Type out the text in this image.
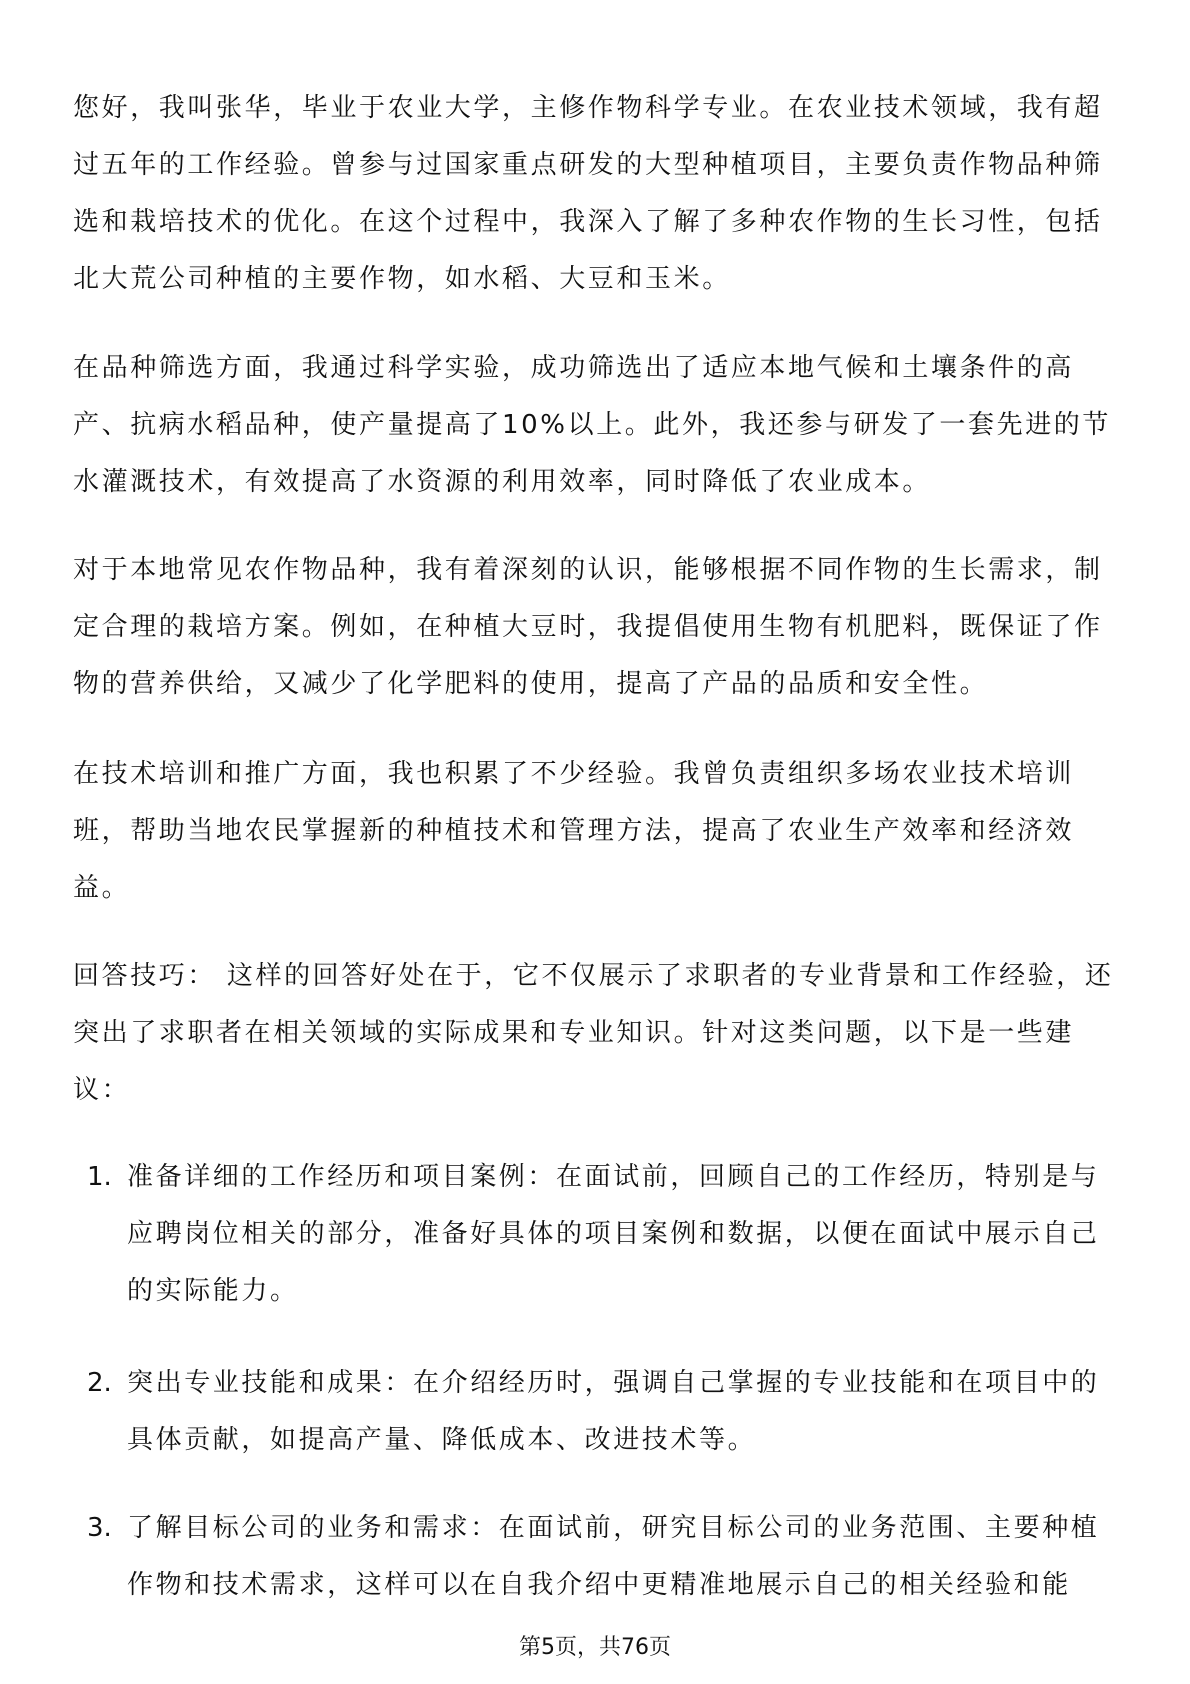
您好，我叫张华，毕业于农业大学，主修作物科学专业。在农业技术领域，我有超
过五年的工作经验。曾参与过国家重点研发的大型种植项目，主要负责作物品种筛
选和栽培技术的优化。在这个过程中，我深入了解了多种农作物的生长习性，包括
北大荒公司种植的主要作物，如水稻、大豆和玉米。
在品种筛选方面，我通过科学实验，成功筛选出了适应本地气候和土壤条件的高
产、抗病水稻品种，使产量提高了10%以上。此外，我还参与研发了一套先进的节
水灌溉技术，有效提高了水资源的利用效率，同时降低了农业成本。
对于本地常见农作物品种，我有着深刻的认识，能够根据不同作物的生长需求，制
定合理的栽培方案。例如，在种植大豆时，我提倡使用生物有机肥料，既保证了作
物的营养供给，又减少了化学肥料的使用，提高了产品的品质和安全性。
在技术培训和推广方面，我也积累了不少经验。我曾负责组织多场农业技术培训
班，帮助当地农民掌握新的种植技术和管理方法，提高了农业生产效率和经济效
益。
回答技巧： 这样的回答好处在于，它不仅展示了求职者的专业背景和工作经验，还
突出了求职者在相关领域的实际成果和专业知识。针对这类问题，以下是一些建
议：
1. 准备详细的工作经历和项目案例：在面试前，回顾自己的工作经历，特别是与
应聘岗位相关的部分，准备好具体的项目案例和数据，以便在面试中展示自己
的实际能力。
2. 突出专业技能和成果：在介绍经历时，强调自己掌握的专业技能和在项目中的
具体贡献，如提高产量、降低成本、改进技术等。
3. 了解目标公司的业务和需求：在面试前，研究目标公司的业务范围、主要种植
作物和技术需求，这样可以在自我介绍中更精准地展示自己的相关经验和能
第5页，共76页
